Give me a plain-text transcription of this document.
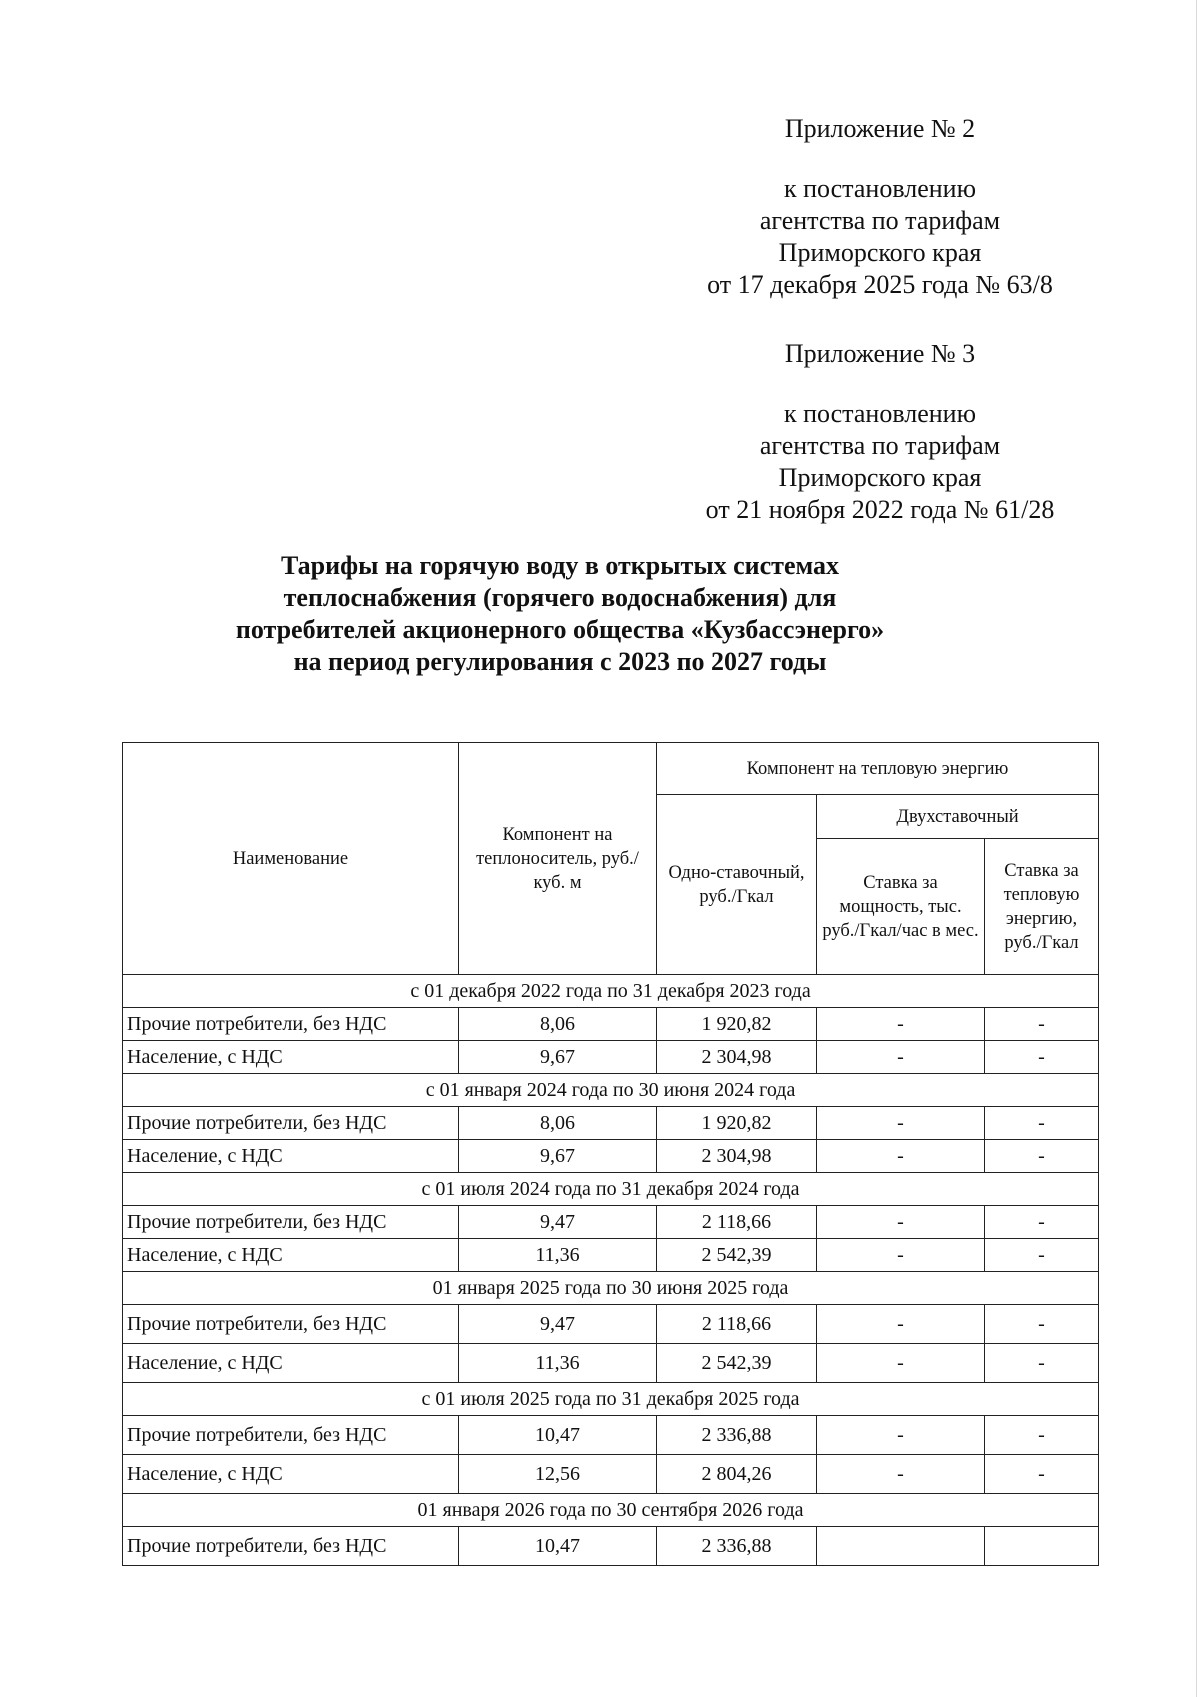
Приложение № 2
к постановлению
агентства по тарифам
Приморского края
от 17 декабря 2025 года № 63/8
Приложение № 3
к постановлению
агентства по тарифам
Приморского края
от 21 ноября 2022 года № 61/28
Тарифы на горячую воду в открытых системах
теплоснабжения (горячего водоснабжения) для
потребителей акционерного общества «Кузбассэнерго»
на период регулирования с 2023 по 2027 годы
Наименование	Компонент на теплоноситель, руб./куб. м	Компонент на тепловую энергию		
		Одно-ставочный, руб./Гкал	Двухставочный	
			Ставка за мощность, тыс. руб./Гкал/час в мес.	Ставка за тепловую энергию, руб./Гкал
с 01 декабря 2022 года по 31 декабря 2023 года				
Прочие потребители, без НДС	8,06	1 920,82	-	-
Население, с НДС	9,67	2 304,98	-	-
с 01 января 2024 года по 30 июня 2024 года				
Прочие потребители, без НДС	8,06	1 920,82	-	-
Население, с НДС	9,67	2 304,98	-	-
с 01 июля 2024 года по 31 декабря 2024 года				
Прочие потребители, без НДС	9,47	2 118,66	-	-
Население, с НДС	11,36	2 542,39	-	-
01 января 2025 года по 30 июня 2025 года				
Прочие потребители, без НДС	9,47	2 118,66	-	-
Население, с НДС	11,36	2 542,39	-	-
с 01 июля 2025 года по 31 декабря 2025 года				
Прочие потребители, без НДС	10,47	2 336,88	-	-
Население, с НДС	12,56	2 804,26	-	-
01 января 2026 года по 30 сентября 2026 года				
Прочие потребители, без НДС	10,47	2 336,88		
